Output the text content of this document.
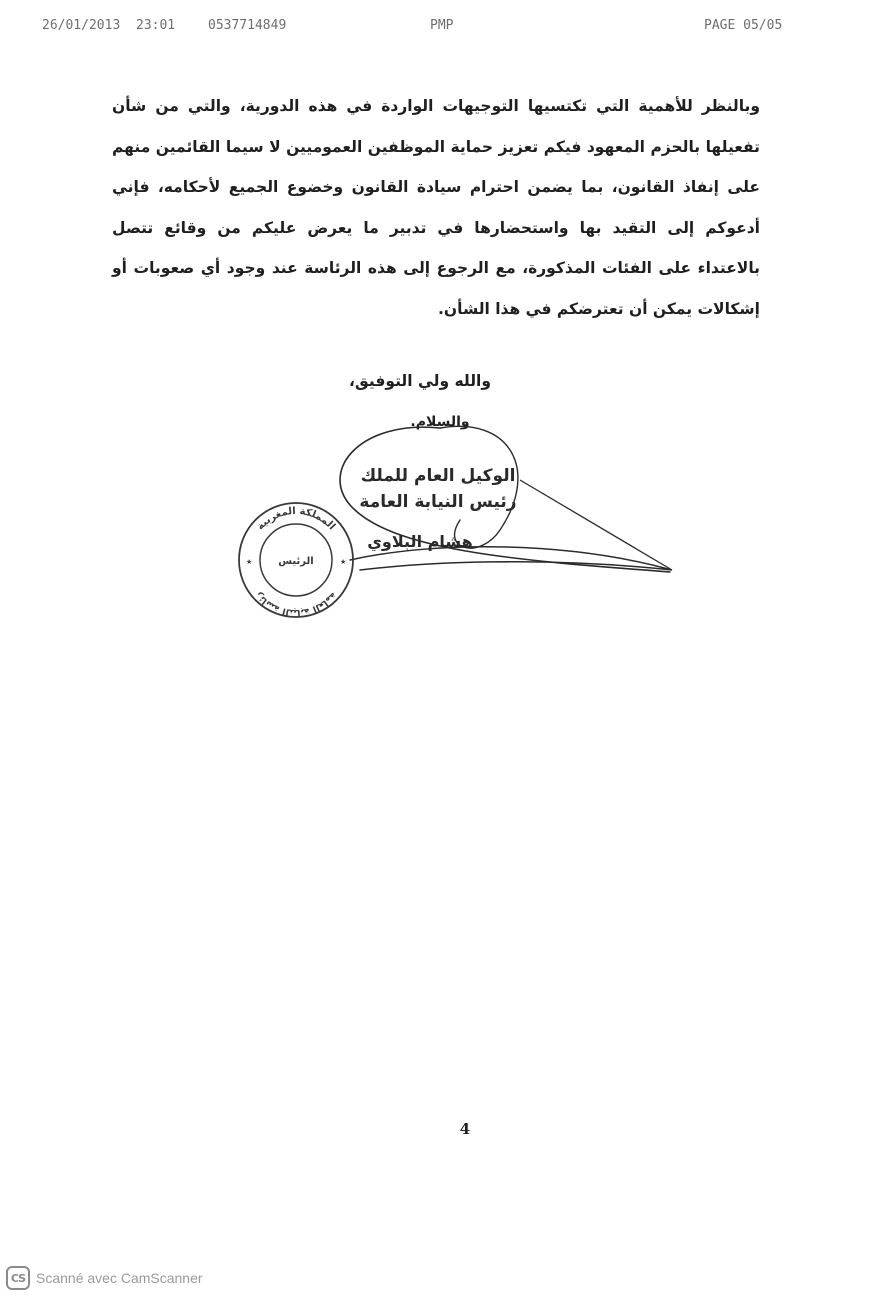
26/01/2013 23:01	0537714849	PMP	PAGE 05/05

وبالنظر للأهمية التي تكتسيها التوجيهات الواردة في هذه الدورية، والتي من شأن تفعيلها بالحزم المعهود فيكم تعزيز حماية الموظفين العموميين لا سيما القائمين منهم على إنفاذ القانون، بما يضمن احترام سيادة القانون وخضوع الجميع لأحكامه، فإني أدعوكم إلى التقيد بها واستحضارها في تدبير ما يعرض عليكم من وقائع تتصل بالاعتداء على الفئات المذكورة، مع الرجوع إلى هذه الرئاسة عند وجود أي صعوبات أو إشكالات يمكن أن تعترضكم في هذا الشأن.

والله ولي التوفيق،

والسلام.

الوكيل العام للملك

رئيس النيابة العامة

هشام البلاوي

المملكة المغربية
رئاسة النيابة العامة
الرئيس
★	★

4

CS Scanné avec CamScanner
